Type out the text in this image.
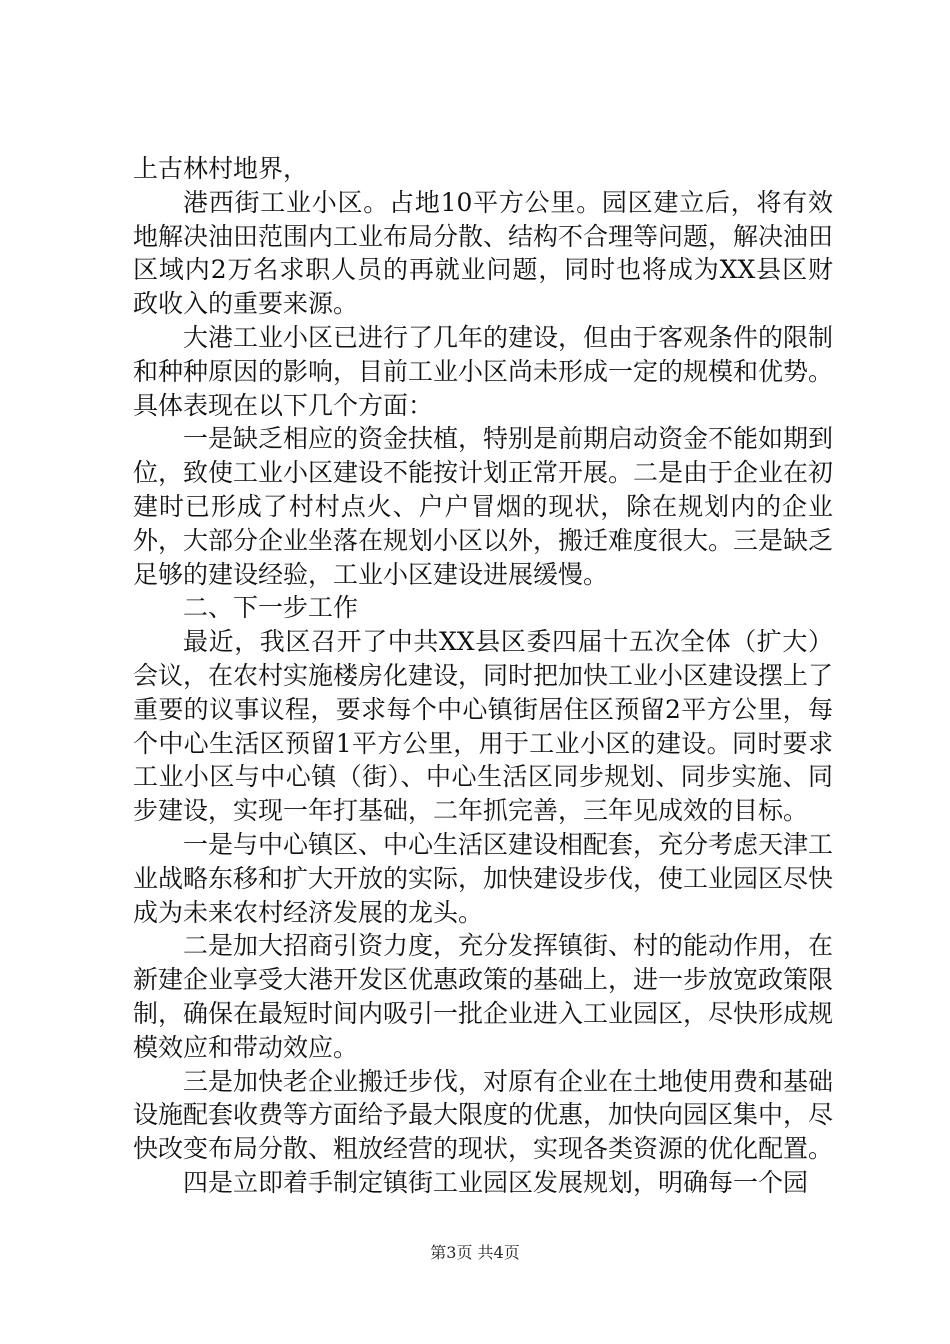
上古林村地界，

港西街工业小区。占地10平方公里。园区建立后，将有效地解决油田范围内工业布局分散、结构不合理等问题，解决油田区域内2万名求职人员的再就业问题，同时也将成为XX县区财政收入的重要来源。

大港工业小区已进行了几年的建设，但由于客观条件的限制和种种原因的影响，目前工业小区尚未形成一定的规模和优势。具体表现在以下几个方面：

一是缺乏相应的资金扶植，特别是前期启动资金不能如期到位，致使工业小区建设不能按计划正常开展。二是由于企业在初建时已形成了村村点火、户户冒烟的现状，除在规划内的企业外，大部分企业坐落在规划小区以外，搬迁难度很大。三是缺乏足够的建设经验，工业小区建设进展缓慢。

二、下一步工作

最近，我区召开了中共XX县区委四届十五次全体（扩大）会议，在农村实施楼房化建设，同时把加快工业小区建设摆上了重要的议事议程，要求每个中心镇街居住区预留2平方公里，每个中心生活区预留1平方公里，用于工业小区的建设。同时要求工业小区与中心镇（街）、中心生活区同步规划、同步实施、同步建设，实现一年打基础，二年抓完善，三年见成效的目标。

一是与中心镇区、中心生活区建设相配套，充分考虑天津工业战略东移和扩大开放的实际，加快建设步伐，使工业园区尽快成为未来农村经济发展的龙头。

二是加大招商引资力度，充分发挥镇街、村的能动作用，在新建企业享受大港开发区优惠政策的基础上，进一步放宽政策限制，确保在最短时间内吸引一批企业进入工业园区，尽快形成规模效应和带动效应。

三是加快老企业搬迁步伐，对原有企业在土地使用费和基础设施配套收费等方面给予最大限度的优惠，加快向园区集中，尽快改变布局分散、粗放经营的现状，实现各类资源的优化配置。

四是立即着手制定镇街工业园区发展规划，明确每一个园

第3页 共4页
